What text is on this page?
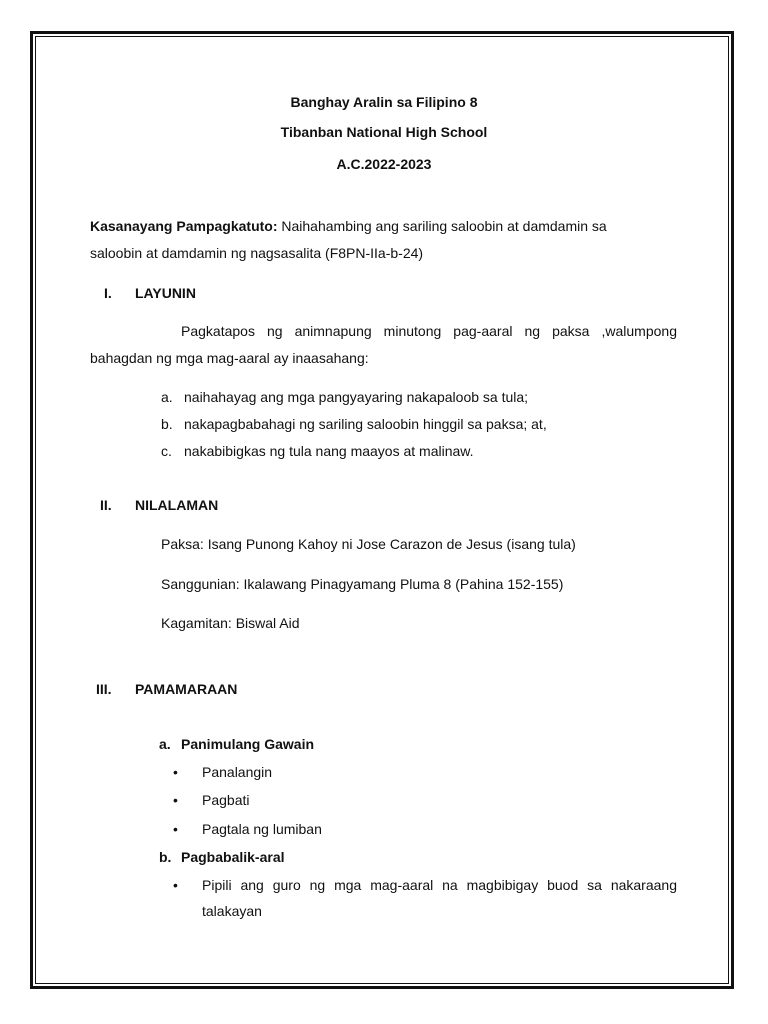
Banghay Aralin sa Filipino 8
Tibanban National High School
A.C.2022-2023
Kasanayang Pampagkatuto: Naihahambing ang sariling saloobin at damdamin sa
saloobin at damdamin ng nagsasalita (F8PN-IIa-b-24)
I. LAYUNIN
Pagkatapos ng animnapung minutong pag-aaral ng paksa ,walumpong
bahagdan ng mga mag-aaral ay inaasahang:
a. naihahayag ang mga pangyayaring nakapaloob sa tula;
b. nakapagbabahagi ng sariling saloobin hinggil sa paksa; at,
c. nakabibigkas ng tula nang maayos at malinaw.
II. NILALAMAN
Paksa: Isang Punong Kahoy ni Jose Carazon de Jesus (isang tula)
Sanggunian: Ikalawang Pinagyamang Pluma 8 (Pahina 152-155)
Kagamitan: Biswal Aid
III. PAMAMARAAN
a. Panimulang Gawain
• Panalangin
• Pagbati
• Pagtala ng lumiban
b. Pagbabalik-aral
• Pipili ang guro ng mga mag-aaral na magbibigay buod sa nakaraang
talakayan
